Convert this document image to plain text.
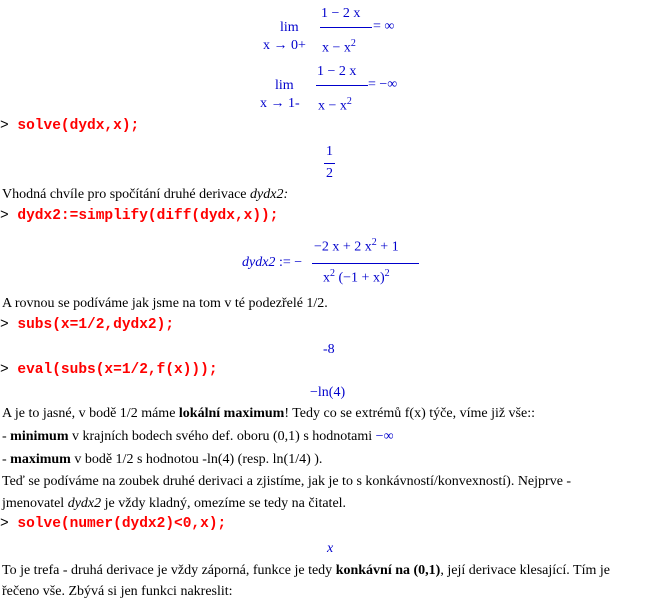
lim
x → 0+
1 − 2 x
$x - x^2$
= ∞
lim
x → 1-
1 − 2 x
$x - x^2$
= −∞
> solve(dydx,x);
1
2
Vhodná chvíle pro spočítání druhé derivace dydx2:
> dydx2:=simplify(diff(dydx,x));
dydx2 := −
−2 x + 2 $x^2 + 1$
$x^2$ $(-1 + x)^2$
A rovnou se podíváme jak jsme na tom v té podezřelé 1/2.
> subs(x=1/2,dydx2);
-8
> eval(subs(x=1/2,f(x)));
−ln(4)
A je to jasné, v bodě 1/2 máme lokální maximum! Tedy co se extrémů f(x) týče, víme již vše::
- minimum v krajních bodech svého def. oboru (0,1) s hodnotami −∞
- maximum v bodě 1/2 s hodnotou -ln(4) (resp. ln(1/4) ).
Teď se podíváme na zoubek druhé derivaci a zjistíme, jak je to s konkávností/konvexností). Nejprve -
jmenovatel dydx2 je vždy kladný, omezíme se tedy na čitatel.
> solve(numer(dydx2)<0,x);
x
To je trefa - druhá derivace je vždy záporná, funkce je tedy konkávní na (0,1), její derivace klesající. Tím je
řečeno vše. Zbývá si jen funkci nakreslit:
